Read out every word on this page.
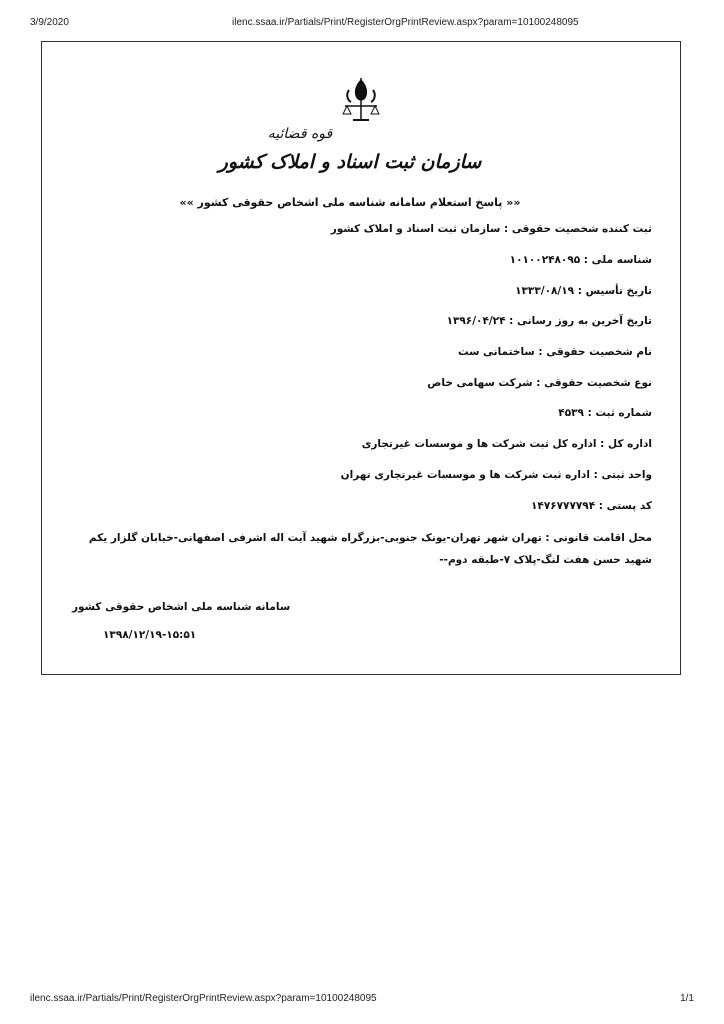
3/9/2020	ilenc.ssaa.ir/Partials/Print/RegisterOrgPrintReview.aspx?param=10100248095
قوه قضائیه
سازمان ثبت اسناد و املاک کشور
«« پاسخ استعلام سامانه شناسه ملی اشخاص حقوقی کشور »»
ثبت کننده شخصیت حقوقی : سازمان ثبت اسناد و املاک کشور
شناسه ملی : ۱۰۱۰۰۲۴۸۰۹۵
تاریخ تأسیس : ۱۳۳۳/۰۸/۱۹
تاریخ آخرین به روز رسانی : ۱۳۹۶/۰۴/۲۴
نام شخصیت حقوقی : ساختمانی ست
نوع شخصیت حقوقی : شرکت سهامی خاص
شماره ثبت : ۴۵۳۹
اداره کل : اداره کل ثبت شرکت ها و موسسات غیرتجاری
واحد ثبتی : اداره ثبت شرکت ها و موسسات غیرتجاری تهران
کد پستی : ۱۴۷۶۷۷۷۷۹۴
محل اقامت قانونی : تهران شهر تهران-یونک جنوبی-بزرگراه شهید آیت اله اشرفی اصفهانی-خیابان گلزار یکم شهید حسن هفت لنگ-پلاک ۷-طبقه دوم--
سامانه شناسه ملی اشخاص حقوقی کشور
۱۳۹۸/۱۲/۱۹-۱۵:۵۱
ilenc.ssaa.ir/Partials/Print/RegisterOrgPrintReview.aspx?param=10100248095	1/1
